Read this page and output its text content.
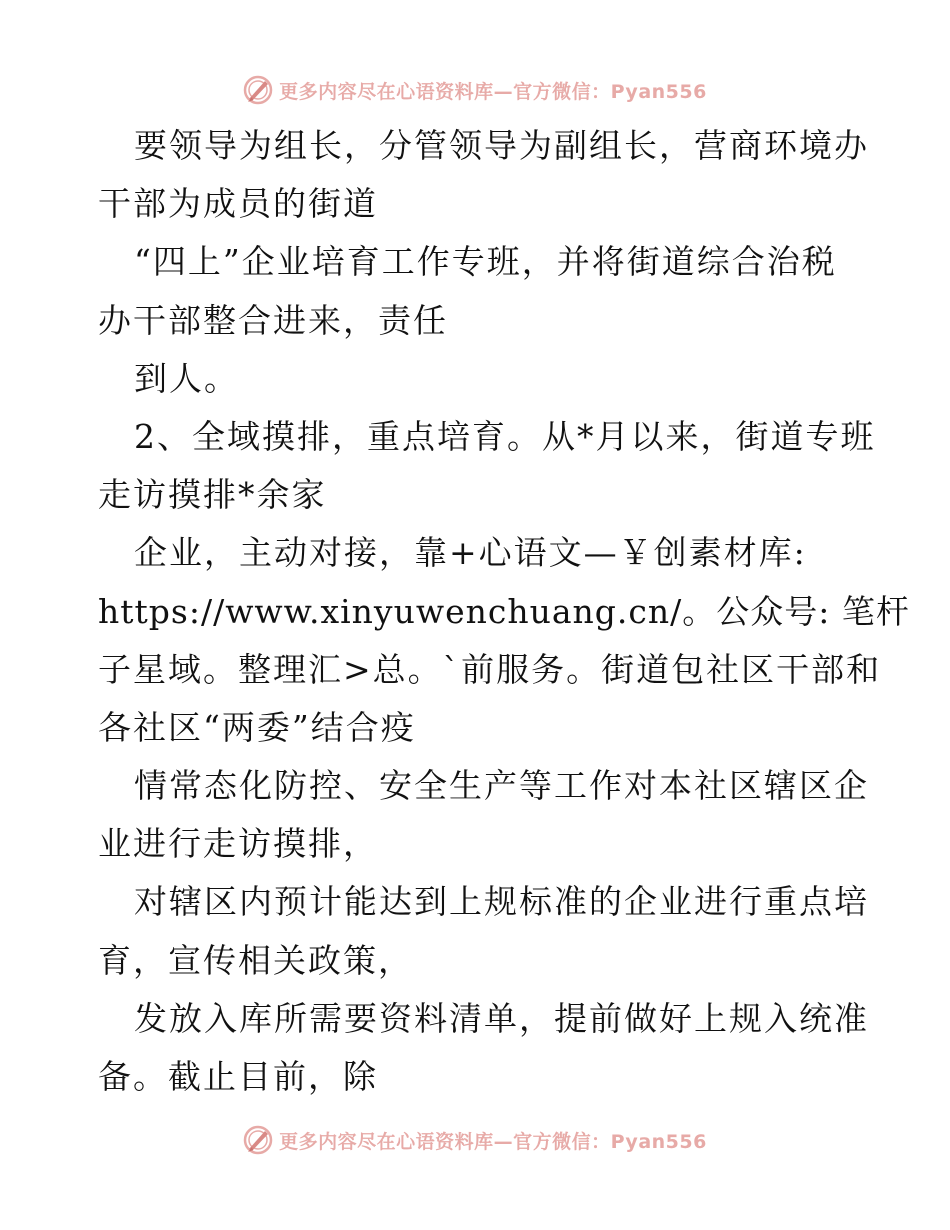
更多内容尽在心语资料库—官方微信：Pyan556
要领导为组长，分管领导为副组长，营商环境办
干部为成员的街道
“四上”企业培育工作专班，并将街道综合治税
办干部整合进来，责任
到人。
2、全域摸排，重点培育。从*月以来，街道专班
走访摸排*余家
企业，主动对接，靠+心语文—￥创素材库:
https://www.xinyuwenchuang.cn/。公众号: 笔杆
子星域。整理汇>总。`前服务。街道包社区干部和
各社区“两委”结合疫
情常态化防控、安全生产等工作对本社区辖区企
业进行走访摸排，
对辖区内预计能达到上规标准的企业进行重点培
育，宣传相关政策，
发放入库所需要资料清单，提前做好上规入统准
备。截止目前，除
更多内容尽在心语资料库—官方微信：Pyan556
